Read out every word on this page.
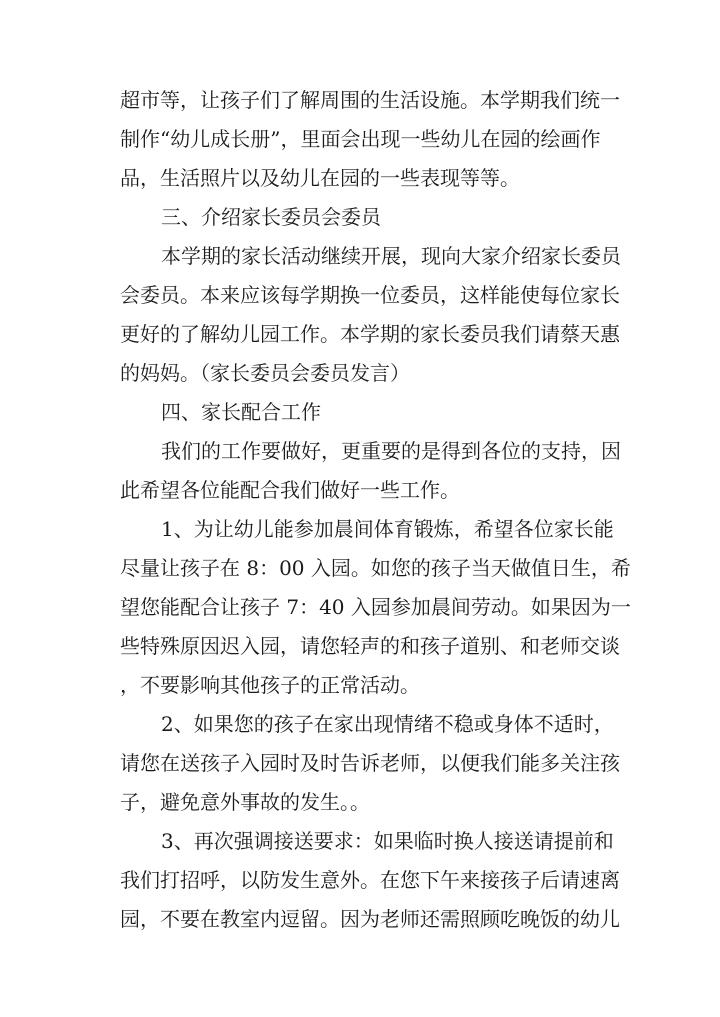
超市等，让孩子们了解周围的生活设施。本学期我们统一
制作“幼儿成长册”，里面会出现一些幼儿在园的绘画作
品，生活照片以及幼儿在园的一些表现等等。
三、介绍家长委员会委员
本学期的家长活动继续开展，现向大家介绍家长委员
会委员。本来应该每学期换一位委员，这样能使每位家长
更好的了解幼儿园工作。本学期的家长委员我们请蔡天惠
的妈妈。（家长委员会委员发言）
四、家长配合工作
我们的工作要做好，更重要的是得到各位的支持，因
此希望各位能配合我们做好一些工作。
1、为让幼儿能参加晨间体育锻炼，希望各位家长能
尽量让孩子在 8：00 入园。如您的孩子当天做值日生，希
望您能配合让孩子 7：40 入园参加晨间劳动。如果因为一
些特殊原因迟入园，请您轻声的和孩子道别、和老师交谈
，不要影响其他孩子的正常活动。
2、如果您的孩子在家出现情绪不稳或身体不适时，
请您在送孩子入园时及时告诉老师，以便我们能多关注孩
子，避免意外事故的发生。。
3、再次强调接送要求：如果临时换人接送请提前和
我们打招呼，以防发生意外。在您下午来接孩子后请速离
园，不要在教室内逗留。因为老师还需照顾吃晚饭的幼儿
